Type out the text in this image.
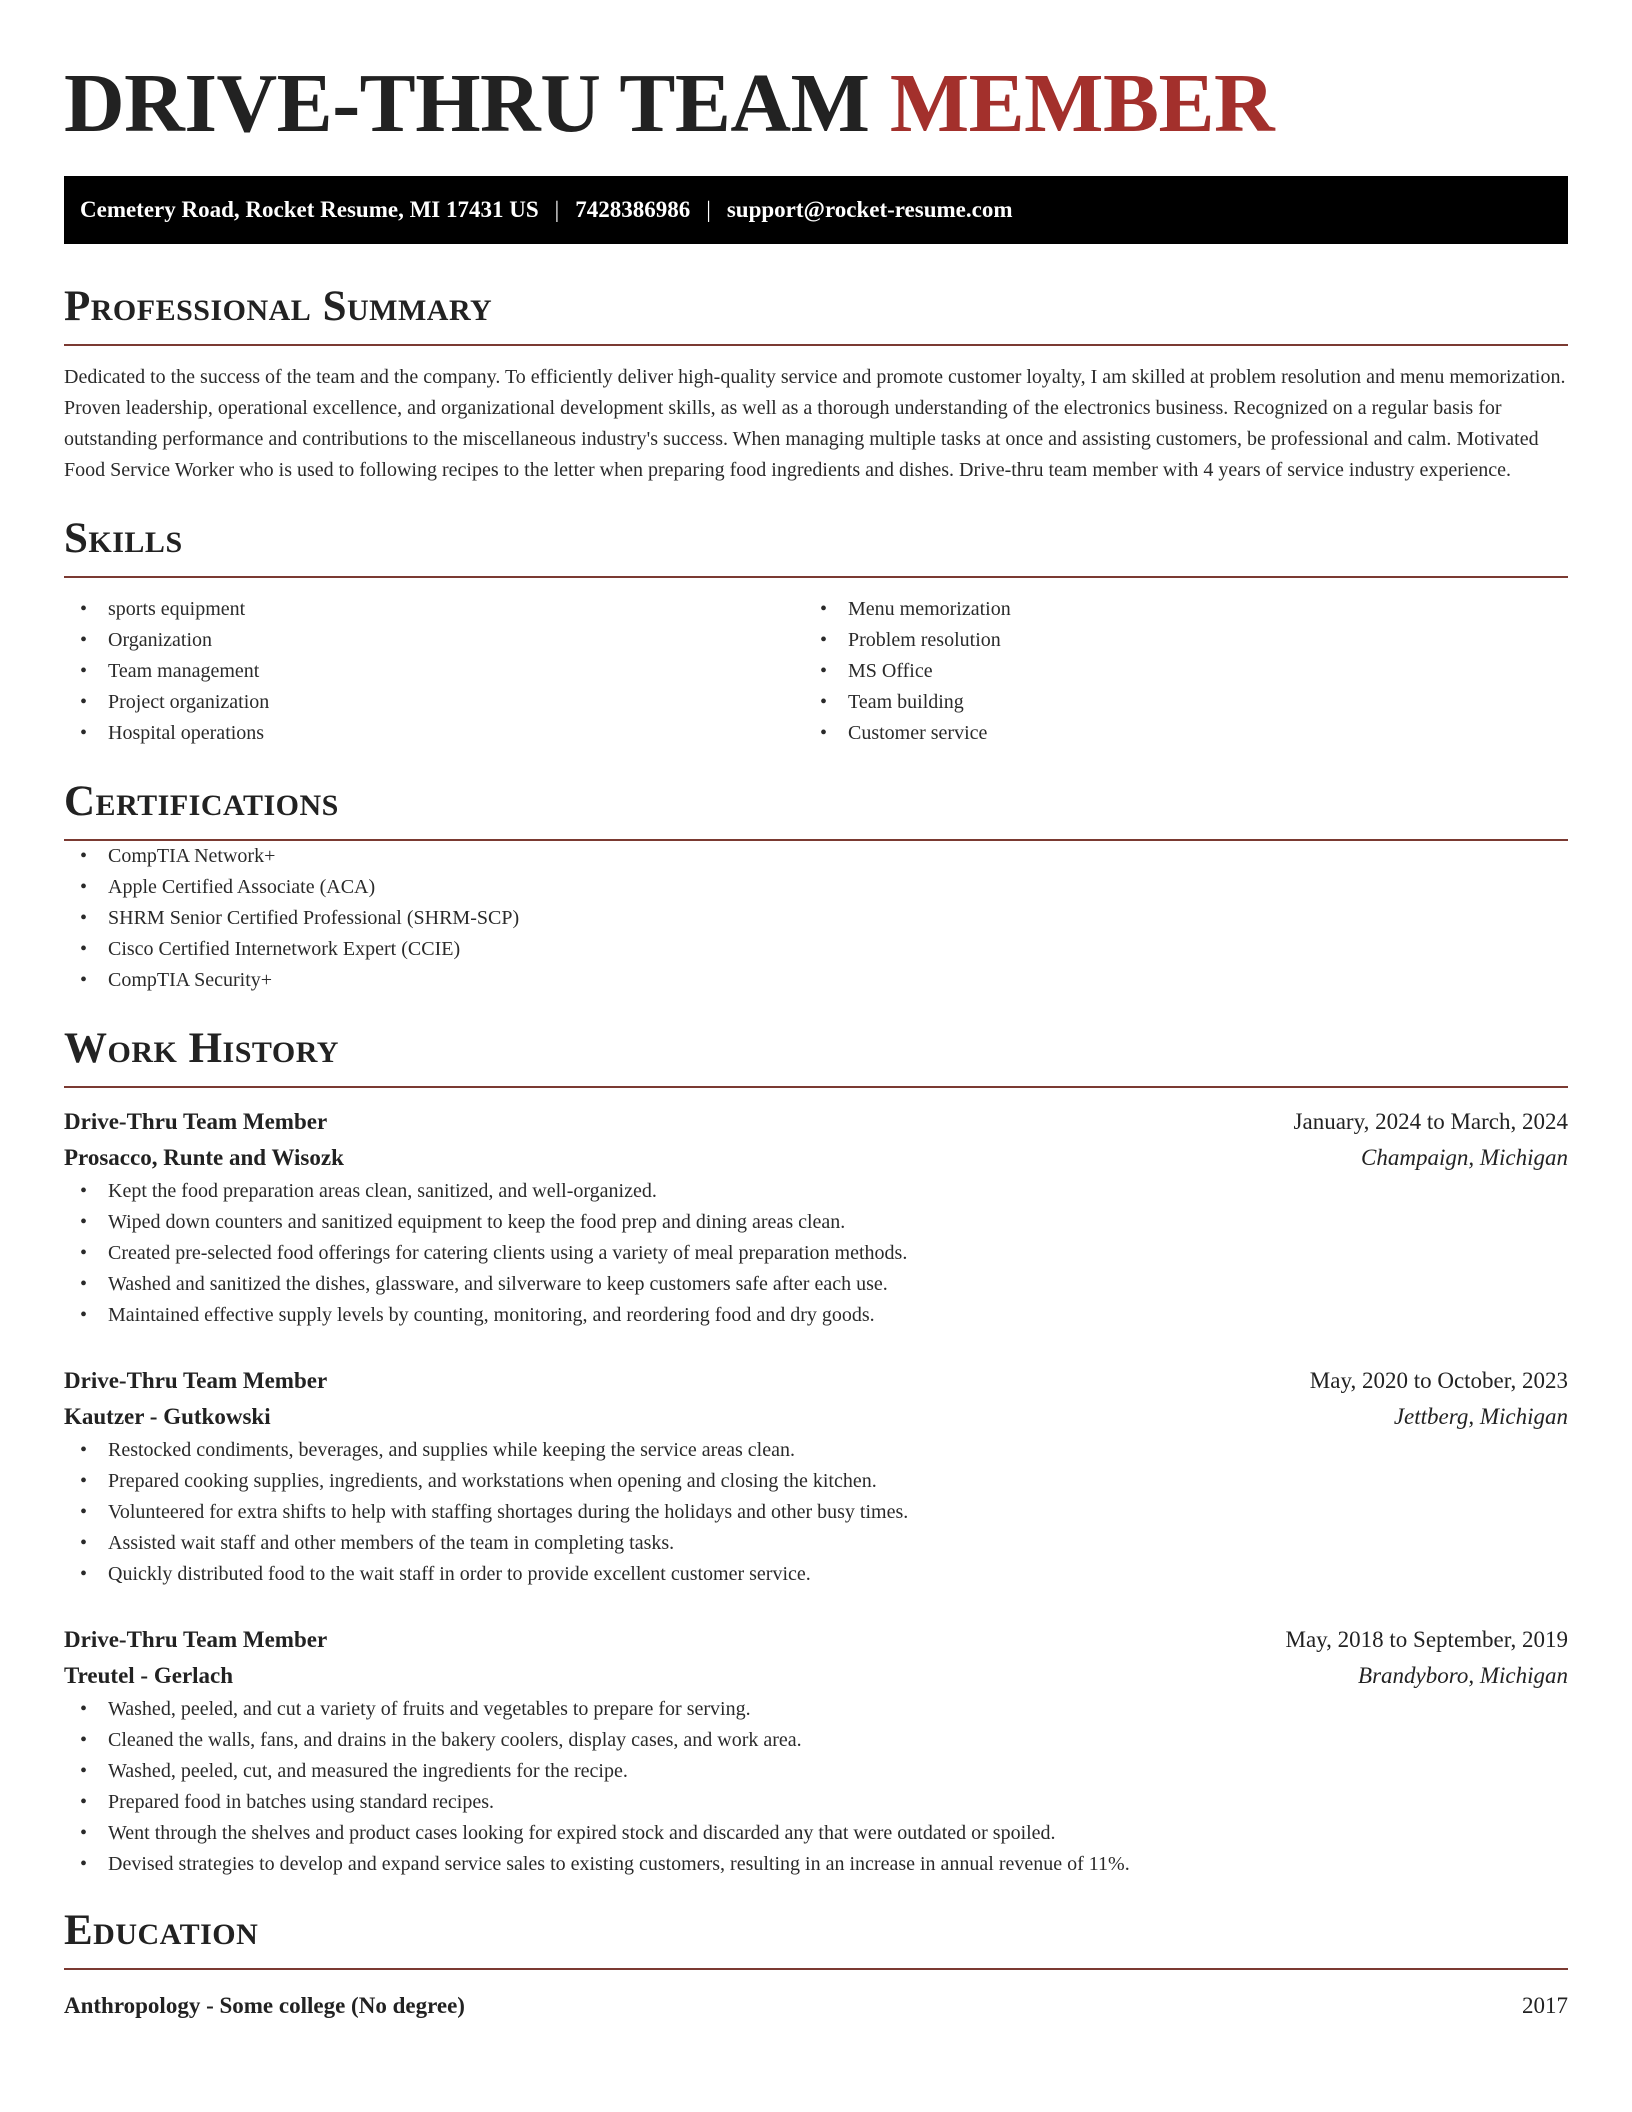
DRIVE-THRU TEAM MEMBER
Cemetery Road, Rocket Resume, MI 17431 US | 7428386986 | support@rocket-resume.com
Professional Summary

Dedicated to the success of the team and the company. To efficiently deliver high-quality service and promote customer loyalty, I am skilled at problem resolution and menu memorization. Proven leadership, operational excellence, and organizational development skills, as well as a thorough understanding of the electronics business. Recognized on a regular basis for outstanding performance and contributions to the miscellaneous industry's success. When managing multiple tasks at once and assisting customers, be professional and calm. Motivated Food Service Worker who is used to following recipes to the letter when preparing food ingredients and dishes. Drive-thru team member with 4 years of service industry experience.

Skills
• sports equipment
• Organization
• Team management
• Project organization
• Hospital operations
• Menu memorization
• Problem resolution
• MS Office
• Team building
• Customer service
Certifications
• CompTIA Network+
• Apple Certified Associate (ACA)
• SHRM Senior Certified Professional (SHRM-SCP)
• Cisco Certified Internetwork Expert (CCIE)
• CompTIA Security+
Work History
Drive-Thru Team Member	January, 2024 to March, 2024
Prosacco, Runte and Wisozk	Champaign, Michigan
• Kept the food preparation areas clean, sanitized, and well-organized.
• Wiped down counters and sanitized equipment to keep the food prep and dining areas clean.
• Created pre-selected food offerings for catering clients using a variety of meal preparation methods.
• Washed and sanitized the dishes, glassware, and silverware to keep customers safe after each use.
• Maintained effective supply levels by counting, monitoring, and reordering food and dry goods.
Drive-Thru Team Member	May, 2020 to October, 2023
Kautzer - Gutkowski	Jettberg, Michigan
• Restocked condiments, beverages, and supplies while keeping the service areas clean.
• Prepared cooking supplies, ingredients, and workstations when opening and closing the kitchen.
• Volunteered for extra shifts to help with staffing shortages during the holidays and other busy times.
• Assisted wait staff and other members of the team in completing tasks.
• Quickly distributed food to the wait staff in order to provide excellent customer service.
Drive-Thru Team Member	May, 2018 to September, 2019
Treutel - Gerlach	Brandyboro, Michigan
• Washed, peeled, and cut a variety of fruits and vegetables to prepare for serving.
• Cleaned the walls, fans, and drains in the bakery coolers, display cases, and work area.
• Washed, peeled, cut, and measured the ingredients for the recipe.
• Prepared food in batches using standard recipes.
• Went through the shelves and product cases looking for expired stock and discarded any that were outdated or spoiled.
• Devised strategies to develop and expand service sales to existing customers, resulting in an increase in annual revenue of 11%.
Education
Anthropology - Some college (No degree)	2017
